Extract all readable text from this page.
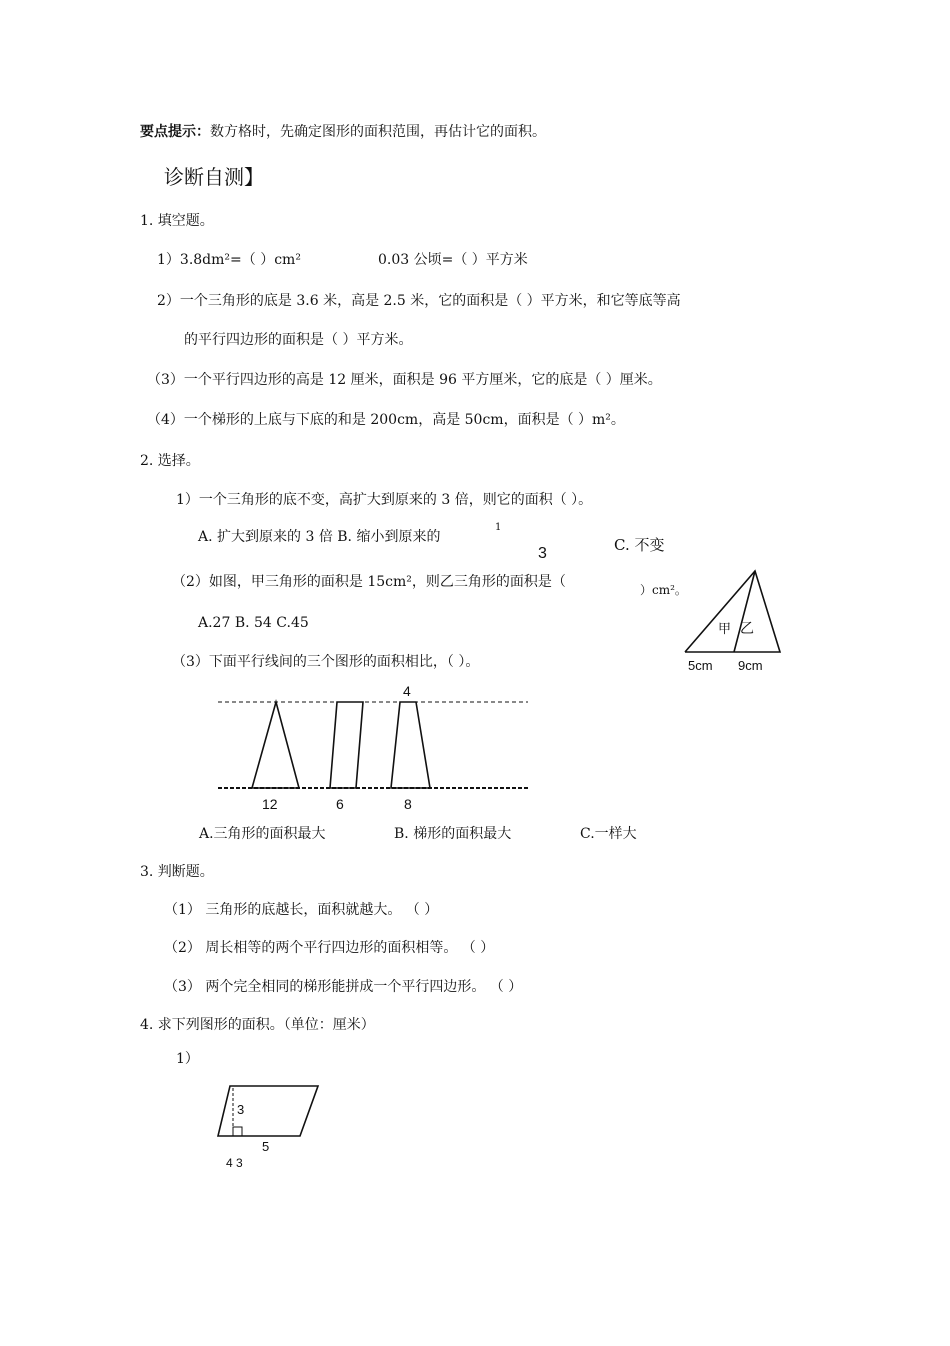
要点提示：数方格时，先确定图形的面积范围，再估计它的面积。
诊断自测】
1. 填空题。
1）3.8dm²=（ ）cm²	0.03 公顷=（ ）平方米
2）一个三角形的底是 3.6 米，高是 2.5 米，它的面积是（ ）平方米，和它等底等高
的平行四边形的面积是（ ）平方米。
（3）一个平行四边形的高是 12 厘米，面积是 96 平方厘米，它的底是（ ）厘米。
（4）一个梯形的上底与下底的和是 200cm，高是 50cm，面积是（ ）m²。
2. 选择。
1）一个三角形的底不变，高扩大到原来的 3 倍，则它的面积（ ）。
A. 扩大到原来的 3 倍 B. 缩小到原来的
1
3	C. 不变
（2）如图，甲三角形的面积是 15cm²，则乙三角形的面积是（	）cm²。
A.27 B. 54 C.45	甲 乙
5cm 9cm
（3）下面平行线间的三个图形的面积相比，（ ）。
4
12	6	8
A.三角形的面积最大	B. 梯形的面积最大	C.一样大
3. 判断题。
（1） 三角形的底越长，面积就越大。 （ ）
（2） 周长相等的两个平行四边形的面积相等。 （ ）
（3） 两个完全相同的梯形能拼成一个平行四边形。 （ ）
4. 求下列图形的面积。（单位：厘米）
1）
3
5
4 3
